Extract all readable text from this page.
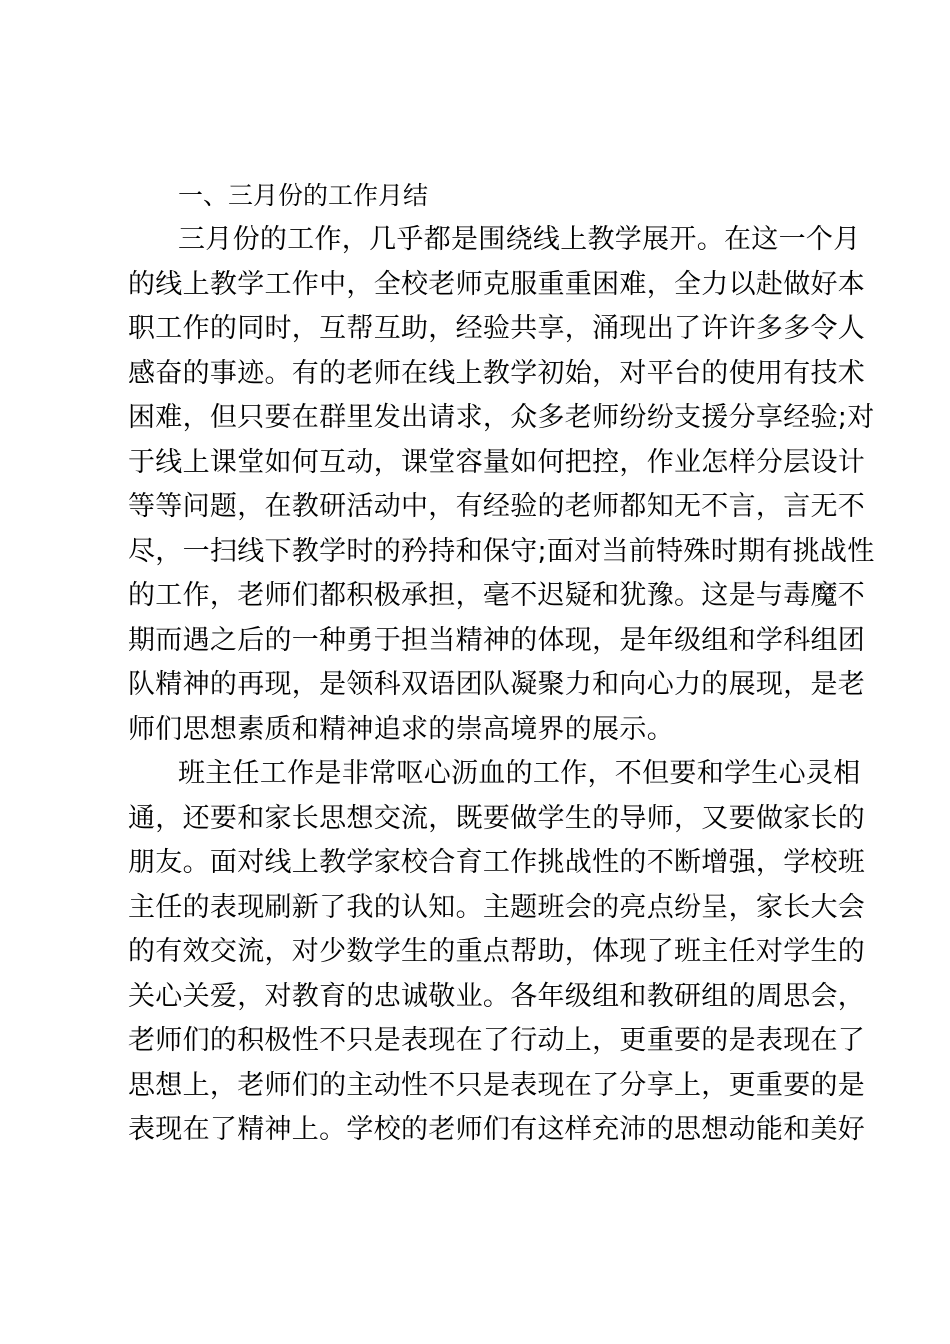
一、三月份的工作月结
三月份的工作，几乎都是围绕线上教学展开。在这一个月
的线上教学工作中，全校老师克服重重困难，全力以赴做好本
职工作的同时，互帮互助，经验共享，涌现出了许许多多令人
感奋的事迹。有的老师在线上教学初始，对平台的使用有技术
困难，但只要在群里发出请求，众多老师纷纷支援分享经验;对
于线上课堂如何互动，课堂容量如何把控，作业怎样分层设计
等等问题，在教研活动中，有经验的老师都知无不言，言无不
尽，一扫线下教学时的矜持和保守;面对当前特殊时期有挑战性
的工作，老师们都积极承担，毫不迟疑和犹豫。这是与毒魔不
期而遇之后的一种勇于担当精神的体现，是年级组和学科组团
队精神的再现，是领科双语团队凝聚力和向心力的展现，是老
师们思想素质和精神追求的崇高境界的展示。
班主任工作是非常呕心沥血的工作，不但要和学生心灵相
通，还要和家长思想交流，既要做学生的导师，又要做家长的
朋友。面对线上教学家校合育工作挑战性的不断增强，学校班
主任的表现刷新了我的认知。主题班会的亮点纷呈，家长大会
的有效交流，对少数学生的重点帮助，体现了班主任对学生的
关心关爱，对教育的忠诚敬业。各年级组和教研组的周思会，
老师们的积极性不只是表现在了行动上，更重要的是表现在了
思想上，老师们的主动性不只是表现在了分享上，更重要的是
表现在了精神上。学校的老师们有这样充沛的思想动能和美好
